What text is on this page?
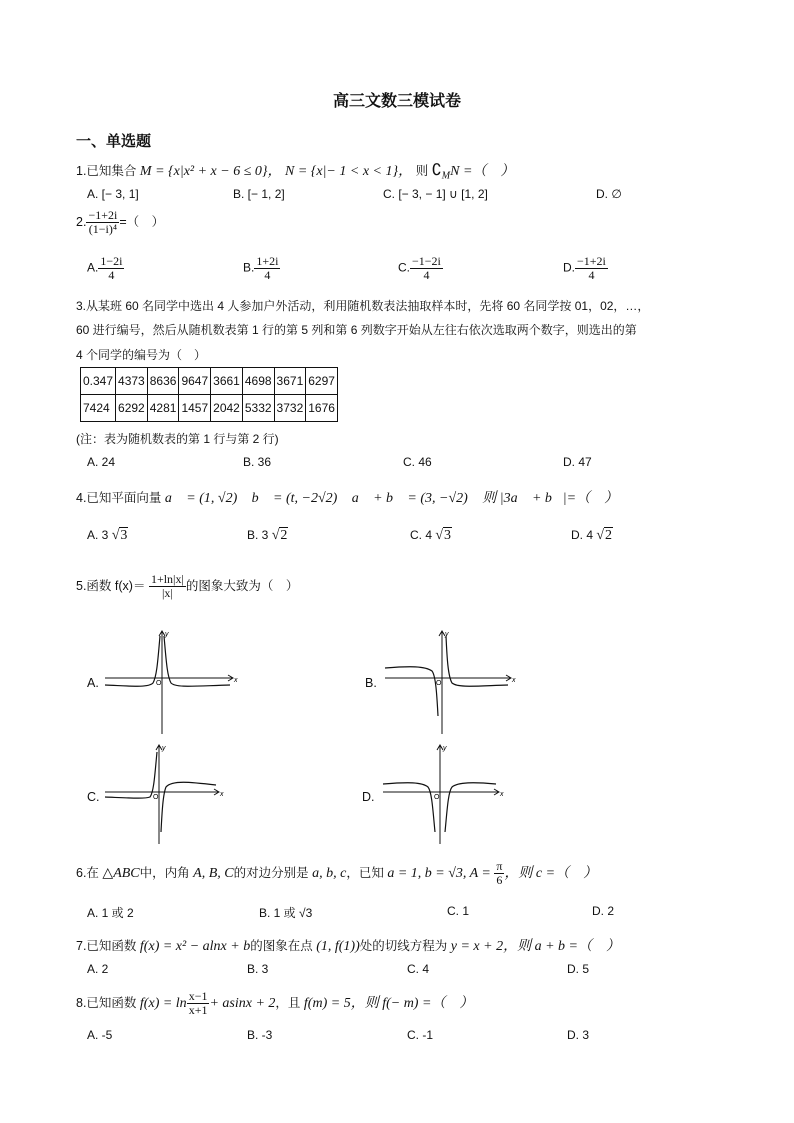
高三文数三模试卷
一、单选题
1.已知集合 M = {x|x² + x − 6 ≤ 0}， N = {x|− 1 < x < 1}， 则 $∁_MN$ =（　）
A. [− 3, 1]	B. [− 1, 2]	C. [− 3, − 1] ∪ [1, 2]	D. ∅
2. $\frac{-1+2i}{\text{(1−i)⁴}}$ =（　）
A. $\frac{1-2i}{4}$	B. $\frac{1+2i}{4}$	C. $\frac{-1-2i}{4}$	D. $\frac{-1+2i}{4}$
3.从某班 60 名同学中选出 4 人参加户外活动，利用随机数表法抽取样本时，先将 60 名同学按 01，02，…，
60 进行编号，然后从随机数表第 1 行的第 5 列和第 6 列数字开始从左往右依次选取两个数字，则选出的第
4 个同学的编号为（　）
0.347	4373	8636	9647	3661	4698	3671	6297
7424	6292	4281	1457	2042	5332	3732	1676
(注：表为随机数表的第 1 行与第 2 行)
A. 24	B. 36	C. 46	D. 47
4.已知平面向量 a⃗ = (1, √2)， b⃗ = (t, −2√2)， a⃗ + b⃗ = (3, −√2)， 则 |3a⃗ + b⃗|=（　）
A. 3 √3	B. 3 √2	C. 4 √3	D. 4 √2
5.函数 $f(x)= \frac{1+\ln|x|}{|x|}$ 的图象大致为（　）
A.	x
y
O	B.	x
y
O
C.	x
y
O	D.	x
y
O
6.在 △ABC中，内角 A, B, C的对边分别是 a, b, c，已知 a = 1, b = √3, $A = \frac{\pi}{6}$ ，则 c =（　）
A. 1 或 2	B. 1 或 √3	C. 1	D. 2
7.已知函数 f(x) = x² − alnx + b的图象在点 (1, f(1))处的切线方程为 y = x + 2，则 a + b =（　）
A. 2	B. 3	C. 4	D. 5
8.已知函数 $f(x) = \ln \frac{x-1}{x+1} + asinx + 2$，且 f(m) = 5，则 f(− m) =（　）
A. -5	B. -3	C. -1	D. 3
